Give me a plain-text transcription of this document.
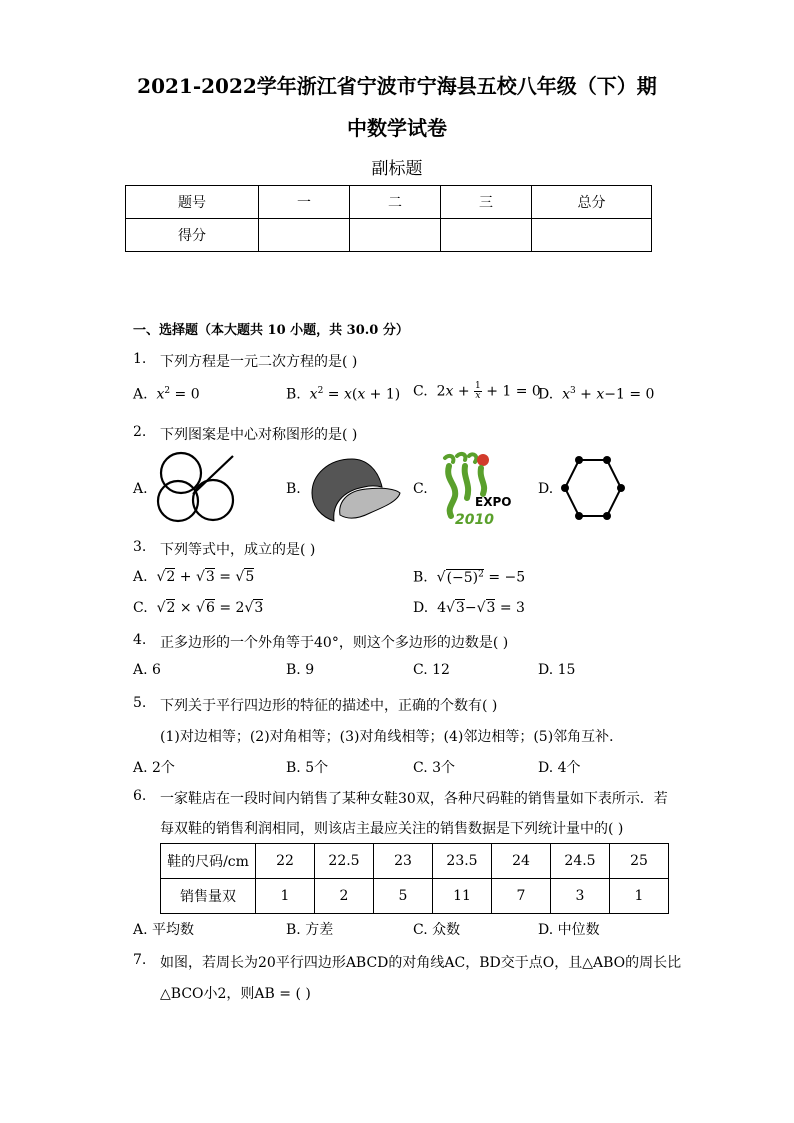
2021-2022学年浙江省宁波市宁海县五校八年级（下）期
中数学试卷
副标题
题号	一	二	三	总分
得分				
一、选择题（本大题共 10 小题，共 30.0 分）
1. 下列方程是一元二次方程的是( )
A. $x^2 = 0$	B. $x^2 = x(x + 1)$ C.  $2x + \frac{1}{x} + 1 = 0$
D. $x^3 + x-1 = 0$
2. 下列图案是中心对称图形的是( )
A.	B.	C.
EXPO
2010
D.
3. 下列等式中，成立的是( )
A.  √2 + √3 = √5	B.  $√(-5)^2 = -5$
C.  √2 × √6 = 2√3	D.  4√3−√3 = 3
4. 正多边形的一个外角等于40°，则这个多边形的边数是( )
A. 6	B. 9	C. 12	D. 15
5. 下列关于平行四边形的特征的描述中，正确的个数有( )
(1)对边相等；(2)对角相等；(3)对角线相等；(4)邻边相等；(5)邻角互补．
A. 2个	B. 5个	C. 3个	D. 4个
6. 一家鞋店在一段时间内销售了某种女鞋30双，各种尺码鞋的销售量如下表所示．若
每双鞋的销售利润相同，则该店主最应关注的销售数据是下列统计量中的( )
鞋的尺码/cm	22	22.5	23	23.5	24	24.5	25
销售量双	1	2	5	11	7	3	1
A. 平均数	B. 方差	C. 众数	D. 中位数
7. 如图，若周长为20平行四边形ABCD的对角线AC，BD交于点O，且△ABO的周长比
△BCO小2，则AB = ( )
